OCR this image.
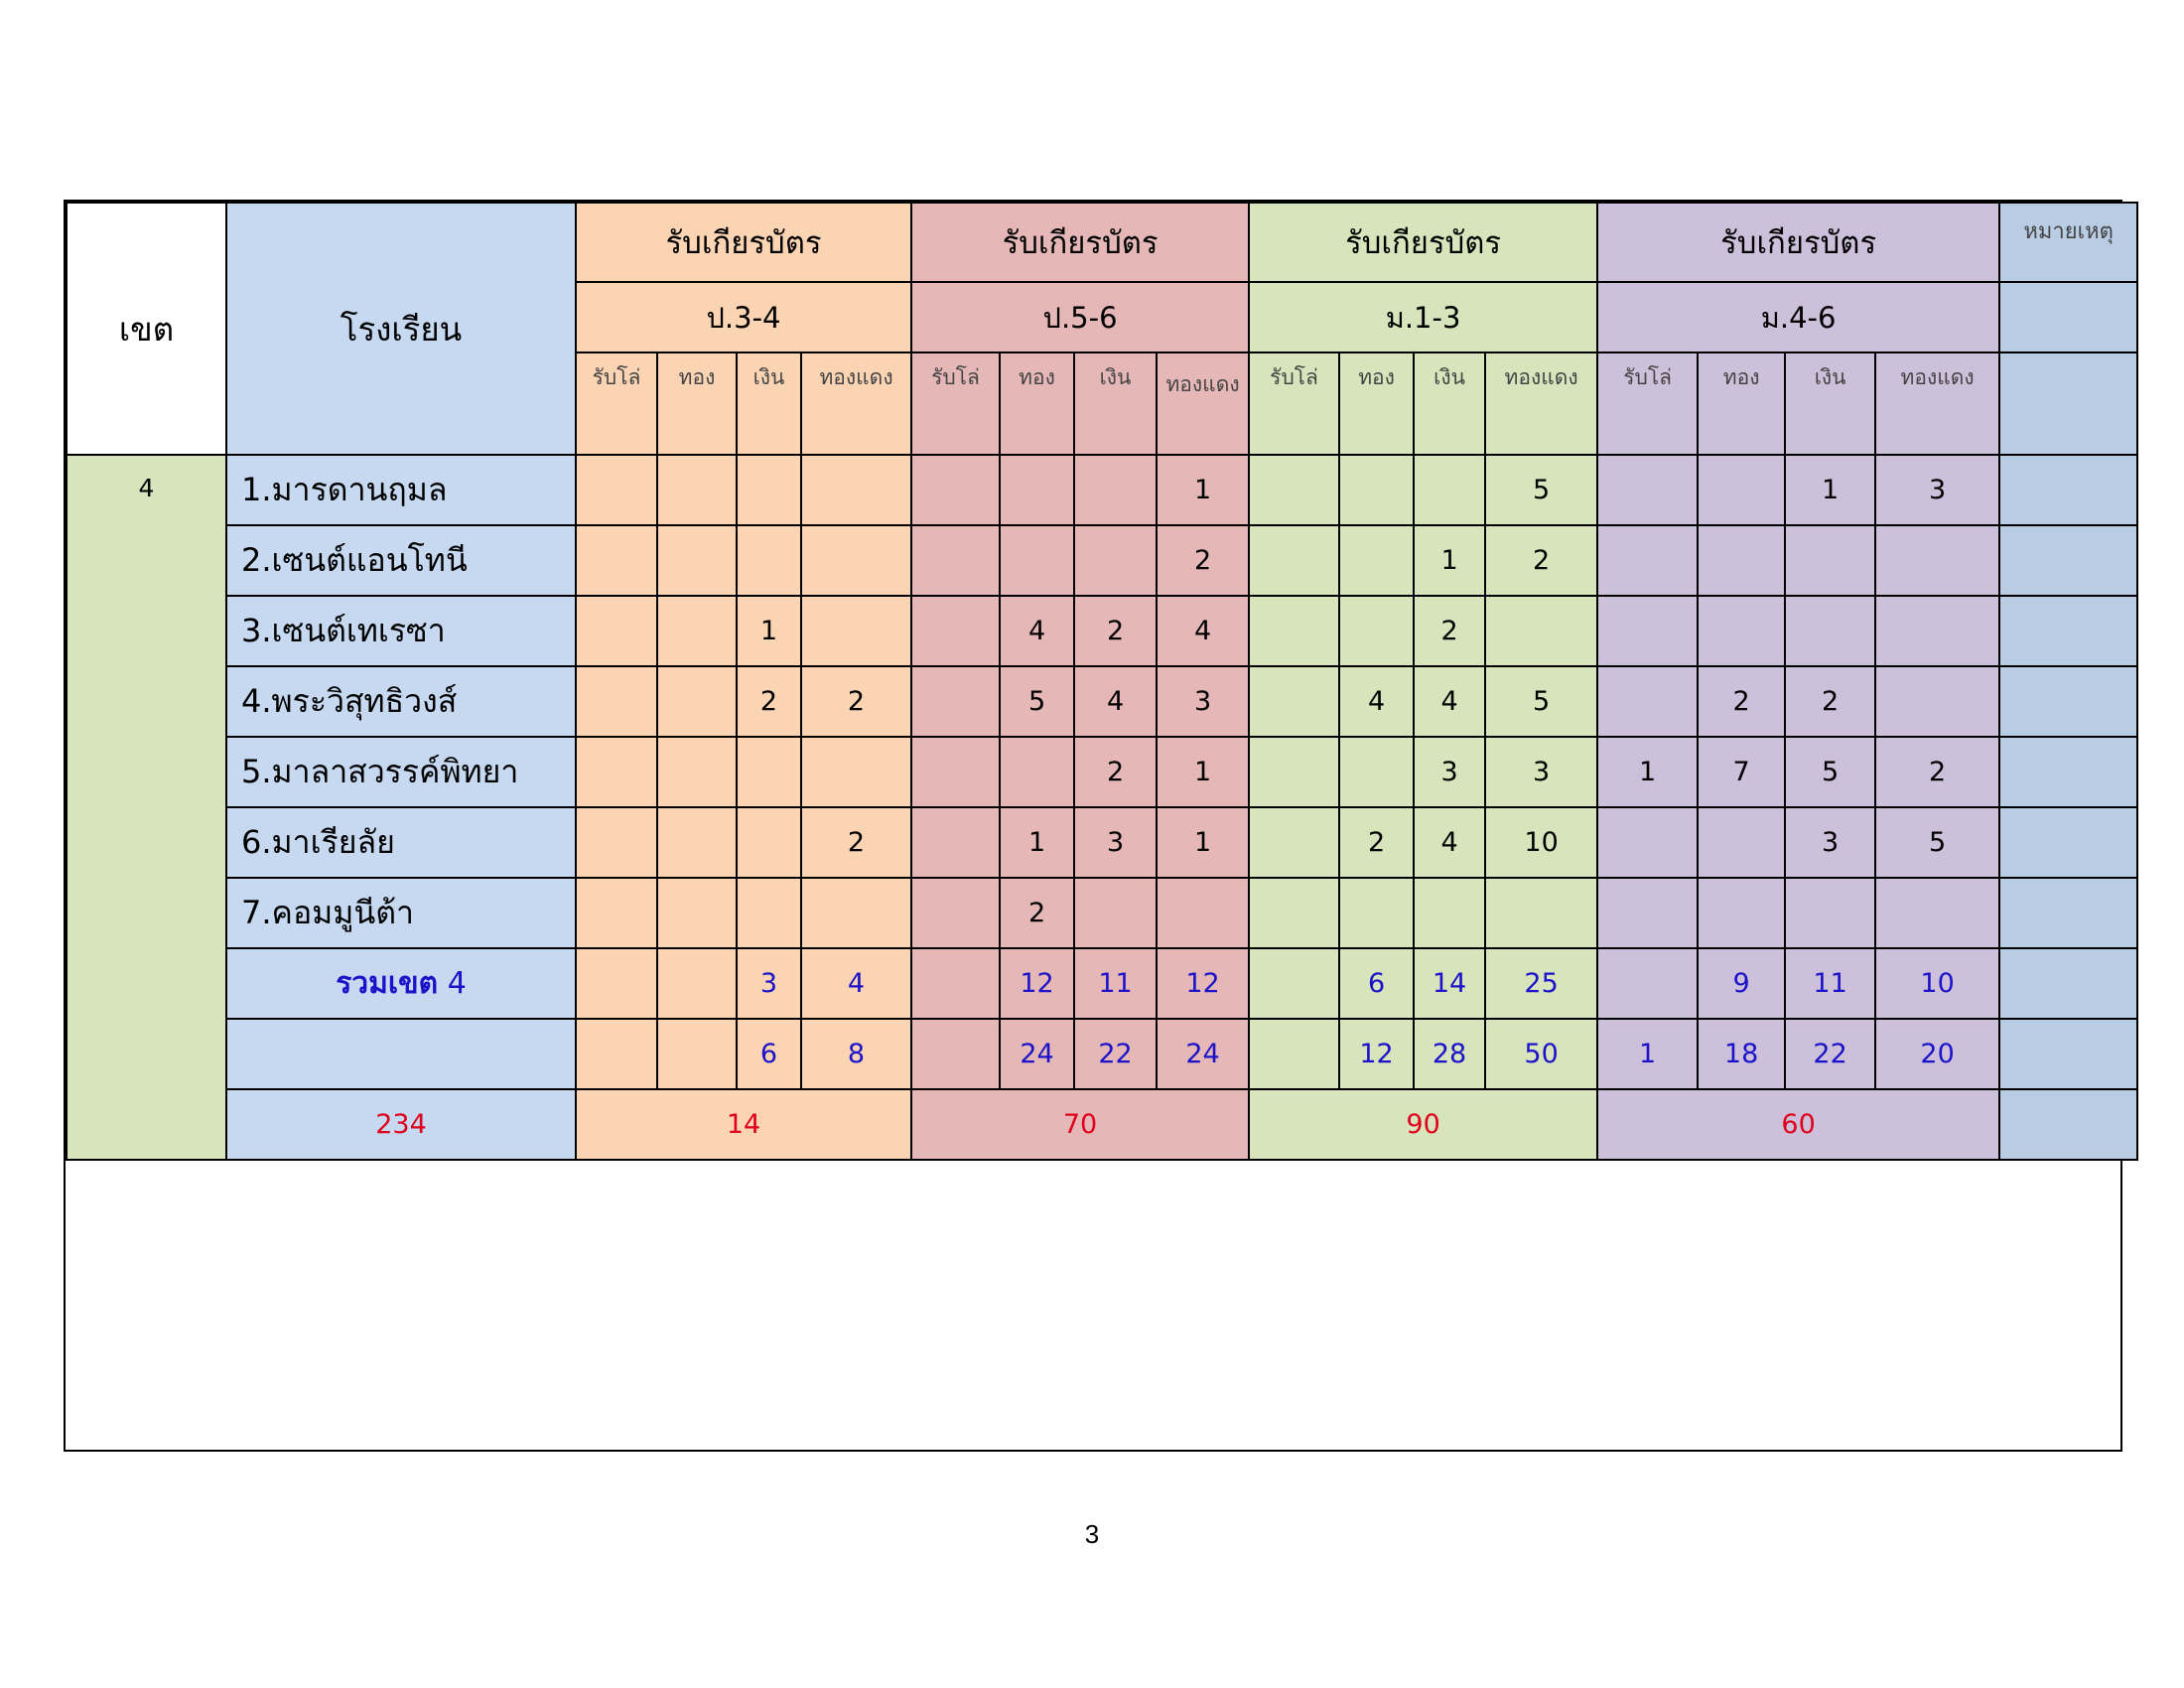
เขต	โรงเรียน	รับเกียรบัตร				รับเกียรบัตร				รับเกียรบัตร				รับเกียรบัตร				หมายเหตุ
		ป.3-4				ป.5-6				ม.1-3				ม.4-6				
		รับโล่	ทอง	เงิน	ทองแดง	รับโล่	ทอง	เงิน	ทองแดง	รับโล่	ทอง	เงิน	ทองแดง	รับโล่	ทอง	เงิน	ทองแดง	
4	1.มารดานฤมล								1				5			1	3	
	2.เซนต์แอนโทนี								2			1	2					
	3.เซนต์เทเรซา			1			4	2	4			2						
	4.พระวิสุทธิวงส์			2	2		5	4	3		4	4	5		2	2		
	5.มาลาสวรรค์พิทยา							2	1			3	3	1	7	5	2	
	6.มาเรียลัย				2		1	3	1		2	4	10			3	5	
	7.คอมมูนีต้า						2											
	รวมเขต 4			3	4		12	11	12		6	14	25		9	11	10	
				6	8		24	22	24		12	28	50	1	18	22	20	
	234	14				70				90				60				
3
